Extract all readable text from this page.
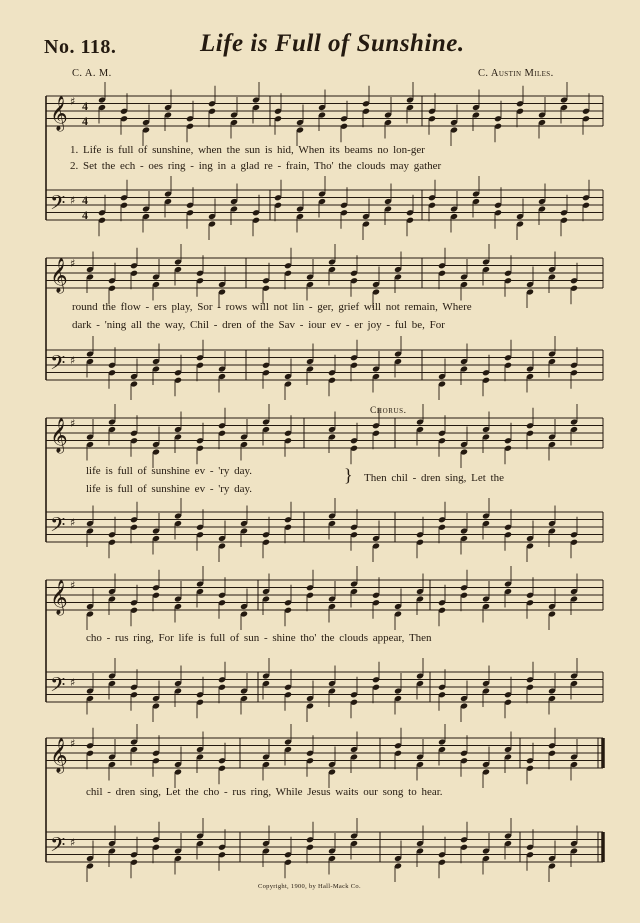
No. 118.	Life is Full of Sunshine.
C. A. M.	C. Austin Miles.
𝄞 ♯ 4
4
𝄢 ♯ 4
4
𝄞 ♯
𝄢 ♯
𝄞 ♯
𝄢 ♯
𝄞 ♯
𝄢 ♯
𝄞 ♯
𝄢 ♯
1. Life is full of sunshine, when the sun is hid, When its beams no lon-ger
2. Set the ech - oes ring - ing in a glad re - frain, Tho' the clouds may gather
round the flow - ers play, Sor - rows will not lin - ger, grief will not remain, Where
dark - 'ning all the way, Chil - dren of the Sav - iour ev - er joy - ful be, For
Chorus.
life is full of sunshine ev - 'ry day.
life is full of sunshine ev - 'ry day.
} Then chil - dren sing, Let the
cho - rus ring, For life is full of sun - shine tho' the clouds appear, Then
chil - dren sing, Let the cho - rus ring, While Jesus waits our song to hear.
Copyright, 1900, by Hall-Mack Co.
